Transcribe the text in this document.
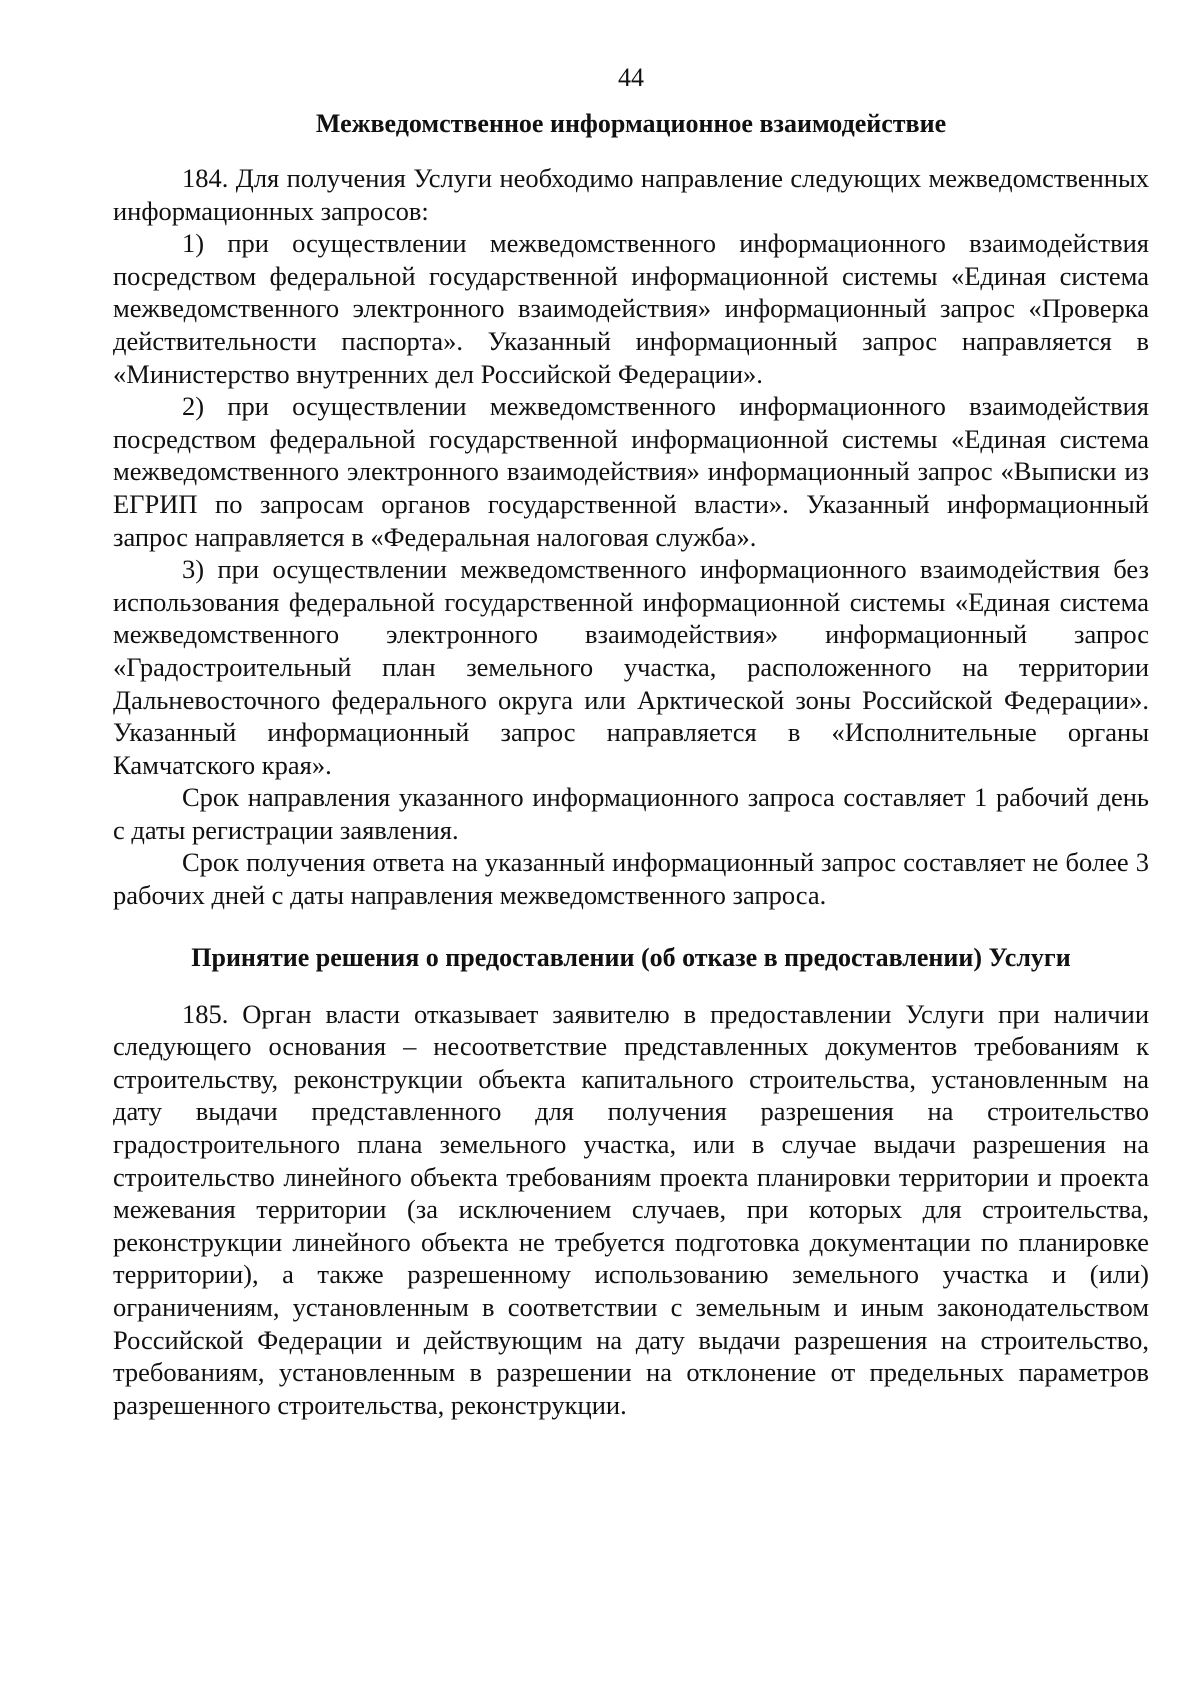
44
Межведомственное информационное взаимодействие

184. Для получения Услуги необходимо направление следующих межведомственных информационных запросов:

1) при осуществлении межведомственного информационного взаимодействия посредством федеральной государственной информационной системы «Единая система межведомственного электронного взаимодействия» информационный запрос «Проверка действительности паспорта». Указанный информационный запрос направляется в «Министерство внутренних дел Российской Федерации».

2) при осуществлении межведомственного информационного взаимодействия посредством федеральной государственной информационной системы «Единая система межведомственного электронного взаимодействия» информационный запрос «Выписки из ЕГРИП по запросам органов государственной власти». Указанный информационный запрос направляется в «Федеральная налоговая служба».

3) при осуществлении межведомственного информационного взаимодействия без использования федеральной государственной информационной системы «Единая система межведомственного электронного взаимодействия» информационный запрос «Градостроительный план земельного участка, расположенного на территории Дальневосточного федерального округа или Арктической зоны Российской Федерации». Указанный информационный запрос направляется в «Исполнительные органы Камчатского края».

Срок направления указанного информационного запроса составляет 1 рабочий день с даты регистрации заявления.

Срок получения ответа на указанный информационный запрос составляет не более 3 рабочих дней с даты направления межведомственного запроса.

Принятие решения о предоставлении (об отказе в предоставлении) Услуги

185. Орган власти отказывает заявителю в предоставлении Услуги при наличии следующего основания – несоответствие представленных документов требованиям к строительству, реконструкции объекта капитального строительства, установленным на дату выдачи представленного для получения разрешения на строительство градостроительного плана земельного участка, или в случае выдачи разрешения на строительство линейного объекта требованиям проекта планировки территории и проекта межевания территории (за исключением случаев, при которых для строительства, реконструкции линейного объекта не требуется подготовка документации по планировке территории), а также разрешенному использованию земельного участка и (или) ограничениям, установленным в соответствии с земельным и иным законодательством Российской Федерации и действующим на дату выдачи разрешения на строительство, требованиям, установленным в разрешении на отклонение от предельных параметров разрешенного строительства, реконструкции.
